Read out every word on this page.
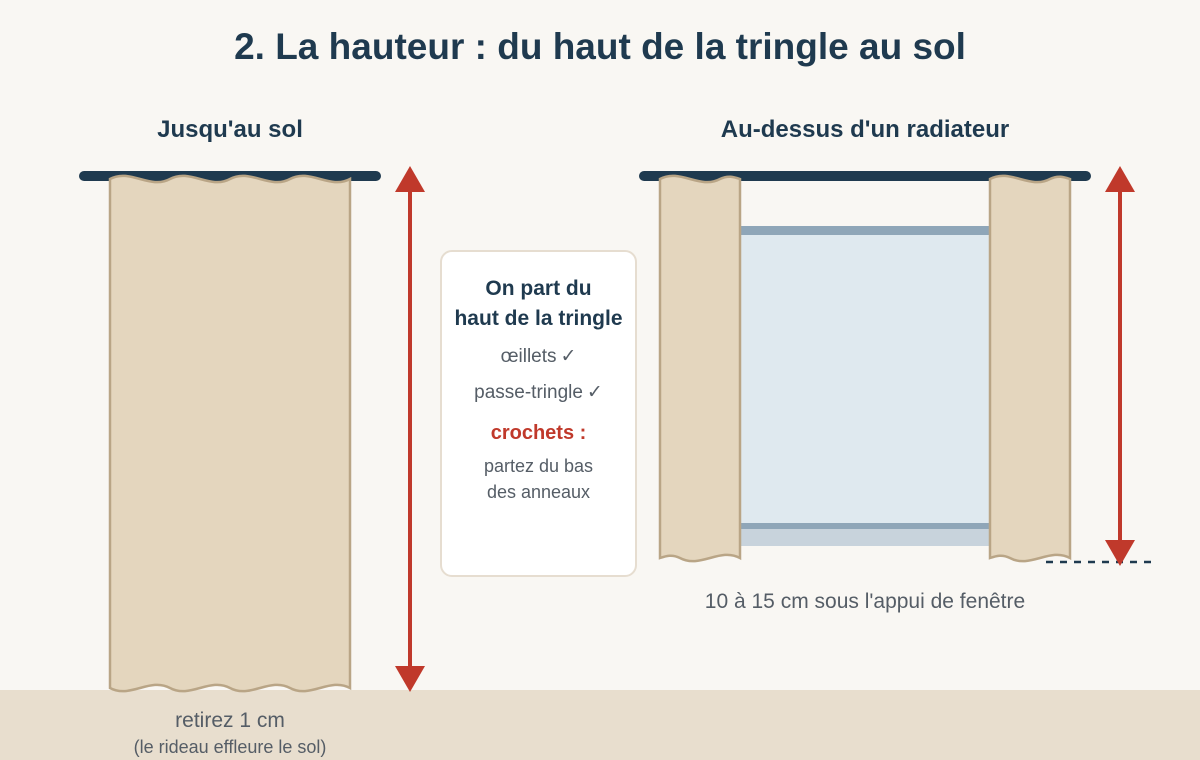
2. La hauteur : du haut de la tringle au sol
Jusqu'au sol	Au-dessus d'un radiateur
On part du
haut de la tringle
œillets ✓
passe-tringle ✓
crochets :
partez du bas
des anneaux
retirez 1 cm
(le rideau effleure le sol)
10 à 15 cm sous l'appui de fenêtre
